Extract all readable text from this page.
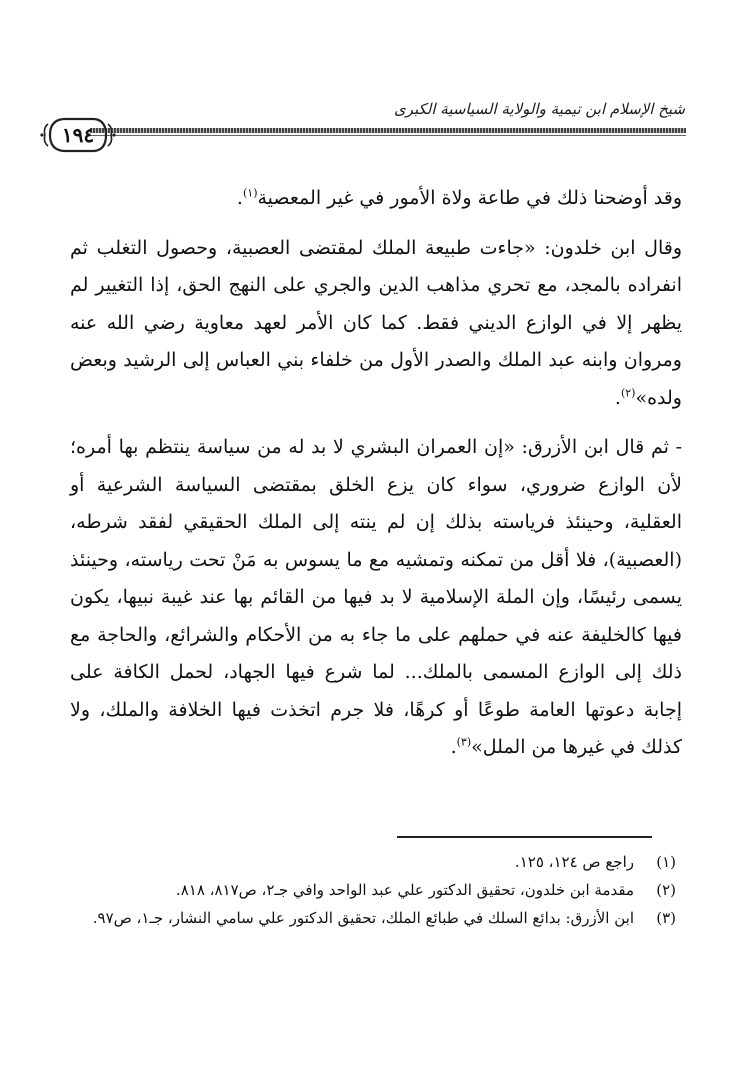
شيخ الإسلام ابن تيمية والولاية السياسية الكبرى
١٩٤

وقد أوضحنا ذلك في طاعة ولاة الأمور في غير المعصية$^{(١)}$.

وقال ابن خلدون: «جاءت طبيعة الملك لمقتضى العصبية، وحصول التغلب ثم انفراده بالمجد، مع تحري مذاهب الدين والجري على النهج الحق، إذا التغيير لم يظهر إلا في الوازع الديني فقط. كما كان الأمر لعهد معاوية رضي الله عنه ومروان وابنه عبد الملك والصدر الأول من خلفاء بني العباس إلى الرشيد وبعض ولده»$^{(٢)}$.

- ثم قال ابن الأزرق: «إن العمران البشري لا بد له من سياسة ينتظم بها أمره؛ لأن الوازع ضروري، سواء كان يزع الخلق بمقتضى السياسة الشرعية أو العقلية، وحينئذ فرياسته بذلك إن لم ينته إلى الملك الحقيقي لفقد شرطه، (العصبية)، فلا أقل من تمكنه وتمشيه مع ما يسوس به مَنْ تحت رياسته، وحينئذ يسمى رئيسًا، وإن الملة الإسلامية لا بد فيها من القائم بها عند غيبة نبيها، يكون فيها كالخليفة عنه في حملهم على ما جاء به من الأحكام والشرائع، والحاجة مع ذلك إلى الوازع المسمى بالملك... لما شرع فيها الجهاد، لحمل الكافة على إجابة دعوتها العامة طوعًا أو كرهًا، فلا جرم اتخذت فيها الخلافة والملك، ولا كذلك في غيرها من الملل»$^{(٣)}$.

(١)
راجع ص ١٢٤، ١٢٥.
(٢)
مقدمة ابن خلدون، تحقيق الدكتور علي عبد الواحد وافي جـ٢، ص٨١٧، ٨١٨.
(٣)
ابن الأزرق: بدائع السلك في طبائع الملك، تحقيق الدكتور علي سامي النشار، جـ١، ص٩٧.
